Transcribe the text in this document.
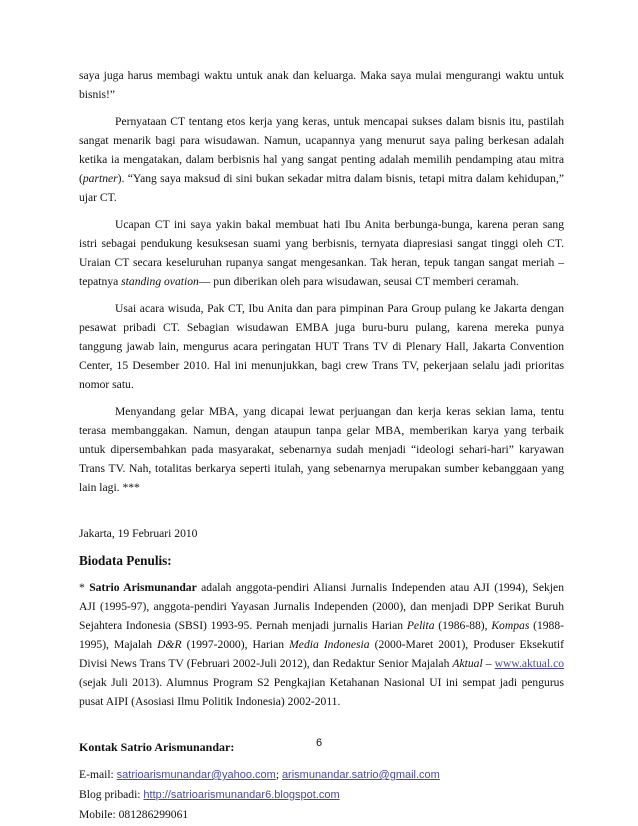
saya juga harus membagi waktu untuk anak dan keluarga. Maka saya mulai mengurangi waktu untuk bisnis!”

Pernyataan CT tentang etos kerja yang keras, untuk mencapai sukses dalam bisnis itu, pastilah sangat menarik bagi para wisudawan. Namun, ucapannya yang menurut saya paling berkesan adalah ketika ia mengatakan, dalam berbisnis hal yang sangat penting adalah memilih pendamping atau mitra (partner). “Yang saya maksud di sini bukan sekadar mitra dalam bisnis, tetapi mitra dalam kehidupan,” ujar CT.

Ucapan CT ini saya yakin bakal membuat hati Ibu Anita berbunga-bunga, karena peran sang istri sebagai pendukung kesuksesan suami yang berbisnis, ternyata diapresiasi sangat tinggi oleh CT. Uraian CT secara keseluruhan rupanya sangat mengesankan. Tak heran, tepuk tangan sangat meriah –tepatnya standing ovation— pun diberikan oleh para wisudawan, seusai CT memberi ceramah.

Usai acara wisuda, Pak CT, Ibu Anita dan para pimpinan Para Group pulang ke Jakarta dengan pesawat pribadi CT. Sebagian wisudawan EMBA juga buru-buru pulang, karena mereka punya tanggung jawab lain, mengurus acara peringatan HUT Trans TV di Plenary Hall, Jakarta Convention Center, 15 Desember 2010. Hal ini menunjukkan, bagi crew Trans TV, pekerjaan selalu jadi prioritas nomor satu.

Menyandang gelar MBA, yang dicapai lewat perjuangan dan kerja keras sekian lama, tentu terasa membanggakan. Namun, dengan ataupun tanpa gelar MBA, memberikan karya yang terbaik untuk dipersembahkan pada masyarakat, sebenarnya sudah menjadi “ideologi sehari-hari” karyawan Trans TV. Nah, totalitas berkarya seperti itulah, yang sebenarnya merupakan sumber kebanggaan yang lain lagi. ***

Jakarta, 19 Februari 2010

Biodata Penulis:

* Satrio Arismunandar adalah anggota-pendiri Aliansi Jurnalis Independen atau AJI (1994), Sekjen AJI (1995-97), anggota-pendiri Yayasan Jurnalis Independen (2000), dan menjadi DPP Serikat Buruh Sejahtera Indonesia (SBSI) 1993-95. Pernah menjadi jurnalis Harian Pelita (1986-88), Kompas (1988-1995), Majalah D&R (1997-2000), Harian Media Indonesia (2000-Maret 2001), Produser Eksekutif Divisi News Trans TV (Februari 2002-Juli 2012), dan Redaktur Senior Majalah Aktual – www.aktual.co (sejak Juli 2013). Alumnus Program S2 Pengkajian Ketahanan Nasional UI ini sempat jadi pengurus pusat AIPI (Asosiasi Ilmu Politik Indonesia) 2002-2011.

Kontak Satrio Arismunandar:

E-mail: satrioarismunandar@yahoo.com; arismunandar.satrio@gmail.com

Blog pribadi: http://satrioarismunandar6.blogspot.com

Mobile: 081286299061

6
